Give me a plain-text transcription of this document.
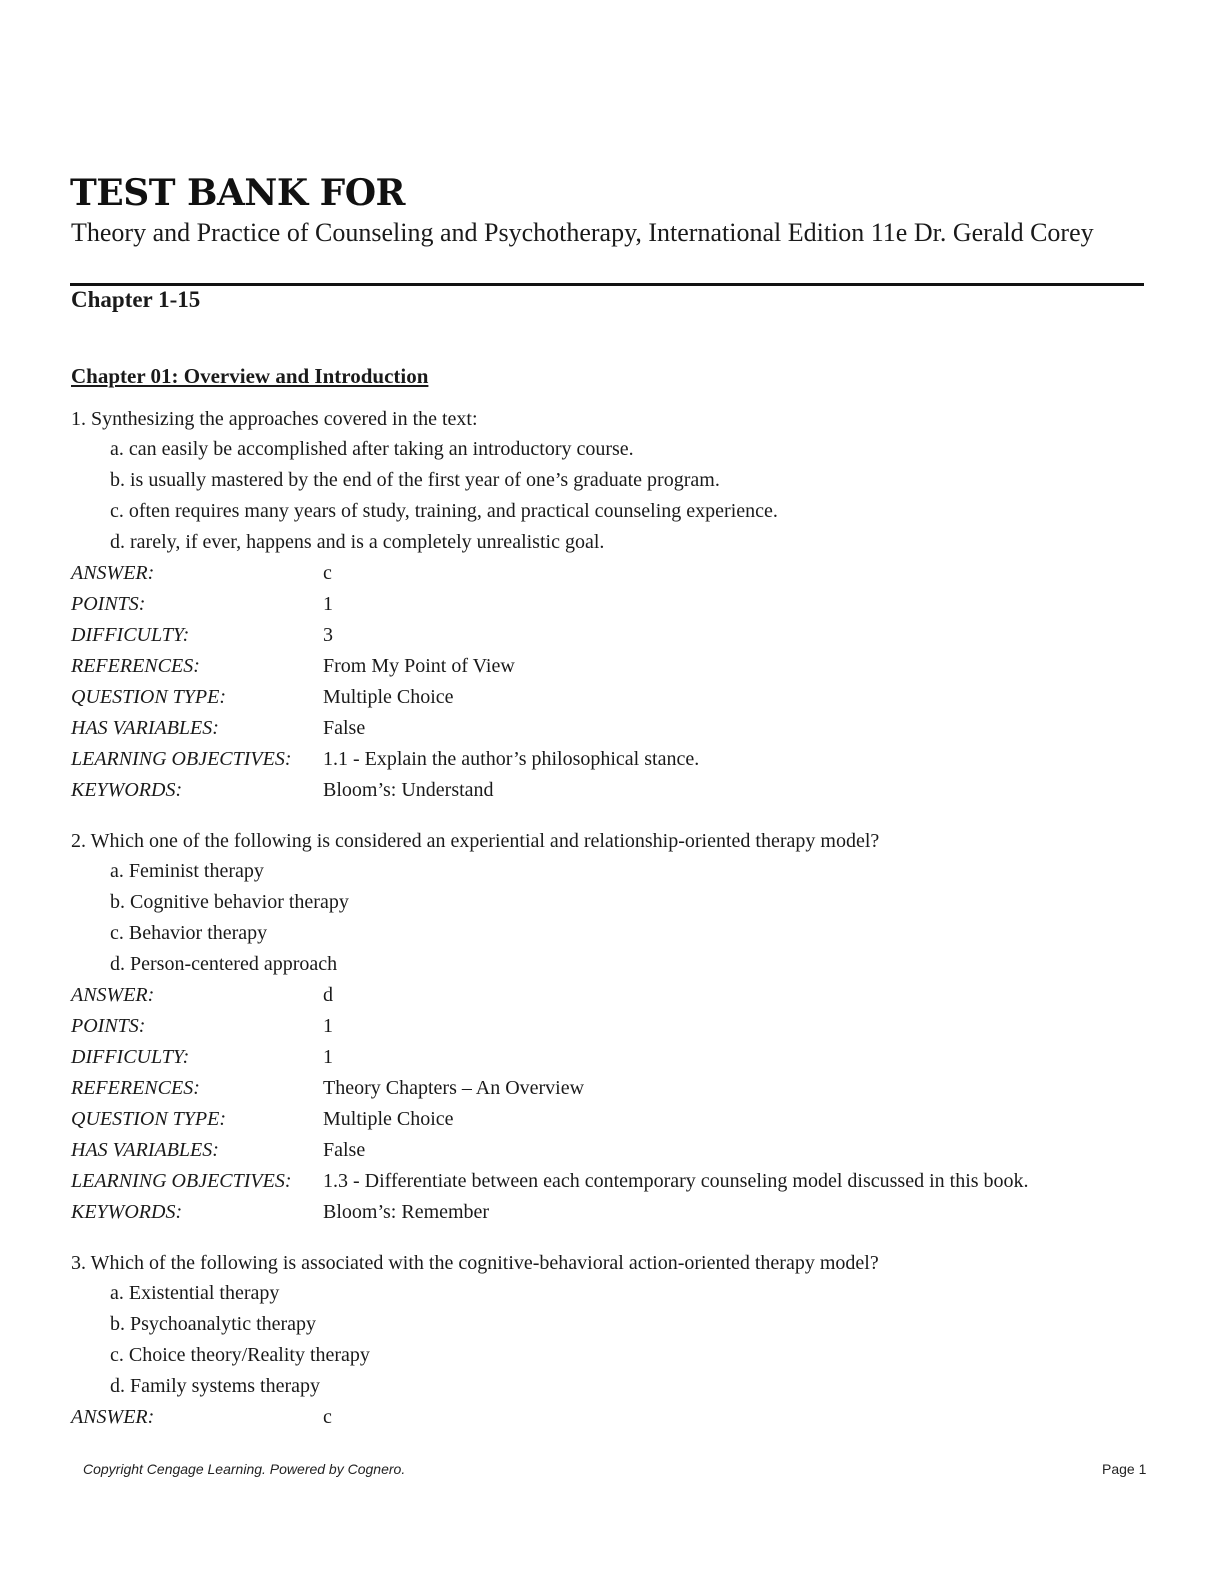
TEST BANK FOR
Theory and Practice of Counseling and Psychotherapy, International Edition 11e Dr. Gerald Corey
Chapter 1-15
Chapter 01: Overview and Introduction
1. Synthesizing the approaches covered in the text:
a. can easily be accomplished after taking an introductory course.
b. is usually mastered by the end of the first year of one’s graduate program.
c. often requires many years of study, training, and practical counseling experience.
d. rarely, if ever, happens and is a completely unrealistic goal.
ANSWER:	c
POINTS:	1
DIFFICULTY:	3
REFERENCES:	From My Point of View
QUESTION TYPE:	Multiple Choice
HAS VARIABLES:	False
LEARNING OBJECTIVES:	1.1 - Explain the author’s philosophical stance.
KEYWORDS:	Bloom’s: Understand
2. Which one of the following is considered an experiential and relationship-oriented therapy model?
a. Feminist therapy
b. Cognitive behavior therapy
c. Behavior therapy
d. Person-centered approach
ANSWER:	d
POINTS:	1
DIFFICULTY:	1
REFERENCES:	Theory Chapters – An Overview
QUESTION TYPE:	Multiple Choice
HAS VARIABLES:	False
LEARNING OBJECTIVES:	1.3 - Differentiate between each contemporary counseling model discussed in this book.
KEYWORDS:	Bloom’s: Remember
3. Which of the following is associated with the cognitive-behavioral action-oriented therapy model?
a. Existential therapy
b. Psychoanalytic therapy
c. Choice theory/Reality therapy
d. Family systems therapy
ANSWER:	c
Copyright Cengage Learning. Powered by Cognero.	Page 1
